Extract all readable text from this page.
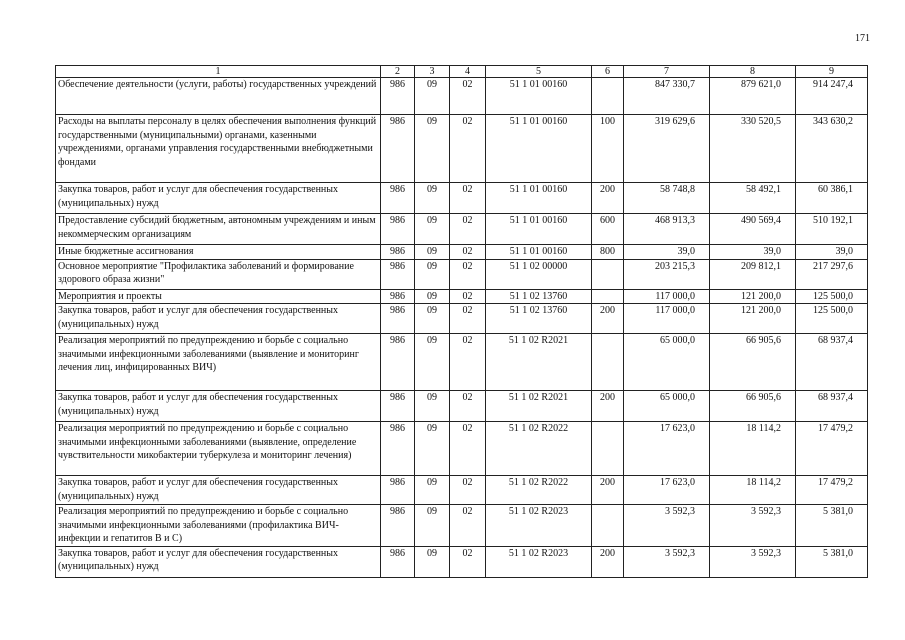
171
1	2	3	4	5	6	7	8	9
Обеспечение деятельности (услуги, работы) государственных учреждений	986	09	02	51 1 01 00160		847 330,7	879 621,0	914 247,4
Расходы на выплаты персоналу в целях обеспечения выполнения функций государственными (муниципальными) органами, казенными учреждениями, органами управления государственными внебюджетными фондами	986	09	02	51 1 01 00160	100	319 629,6	330 520,5	343 630,2
Закупка товаров, работ и услуг для обеспечения государственных (муниципальных) нужд	986	09	02	51 1 01 00160	200	58 748,8	58 492,1	60 386,1
Предоставление субсидий бюджетным, автономным учреждениям и иным некоммерческим организациям	986	09	02	51 1 01 00160	600	468 913,3	490 569,4	510 192,1
Иные бюджетные ассигнования	986	09	02	51 1 01 00160	800	39,0	39,0	39,0
Основное мероприятие "Профилактика заболеваний и формирование здорового образа жизни"	986	09	02	51 1 02 00000		203 215,3	209 812,1	217 297,6
Мероприятия и проекты	986	09	02	51 1 02 13760		117 000,0	121 200,0	125 500,0
Закупка товаров, работ и услуг для обеспечения государственных (муниципальных) нужд	986	09	02	51 1 02 13760	200	117 000,0	121 200,0	125 500,0
Реализация мероприятий по предупреждению и борьбе с социально значимыми инфекционными заболеваниями (выявление и мониторинг лечения лиц, инфицированных ВИЧ)	986	09	02	51 1 02 R2021		65 000,0	66 905,6	68 937,4
Закупка товаров, работ и услуг для обеспечения государственных (муниципальных) нужд	986	09	02	51 1 02 R2021	200	65 000,0	66 905,6	68 937,4
Реализация мероприятий по предупреждению и борьбе с социально значимыми инфекционными заболеваниями (выявление, определение чувствительности микобактерии туберкулеза и мониторинг лечения)	986	09	02	51 1 02 R2022		17 623,0	18 114,2	17 479,2
Закупка товаров, работ и услуг для обеспечения государственных (муниципальных) нужд	986	09	02	51 1 02 R2022	200	17 623,0	18 114,2	17 479,2
Реализация мероприятий по предупреждению и борьбе с социально значимыми инфекционными заболеваниями (профилактика ВИЧ-инфекции и гепатитов В и С)	986	09	02	51 1 02 R2023		3 592,3	3 592,3	5 381,0
Закупка товаров, работ и услуг для обеспечения государственных (муниципальных) нужд	986	09	02	51 1 02 R2023	200	3 592,3	3 592,3	5 381,0
